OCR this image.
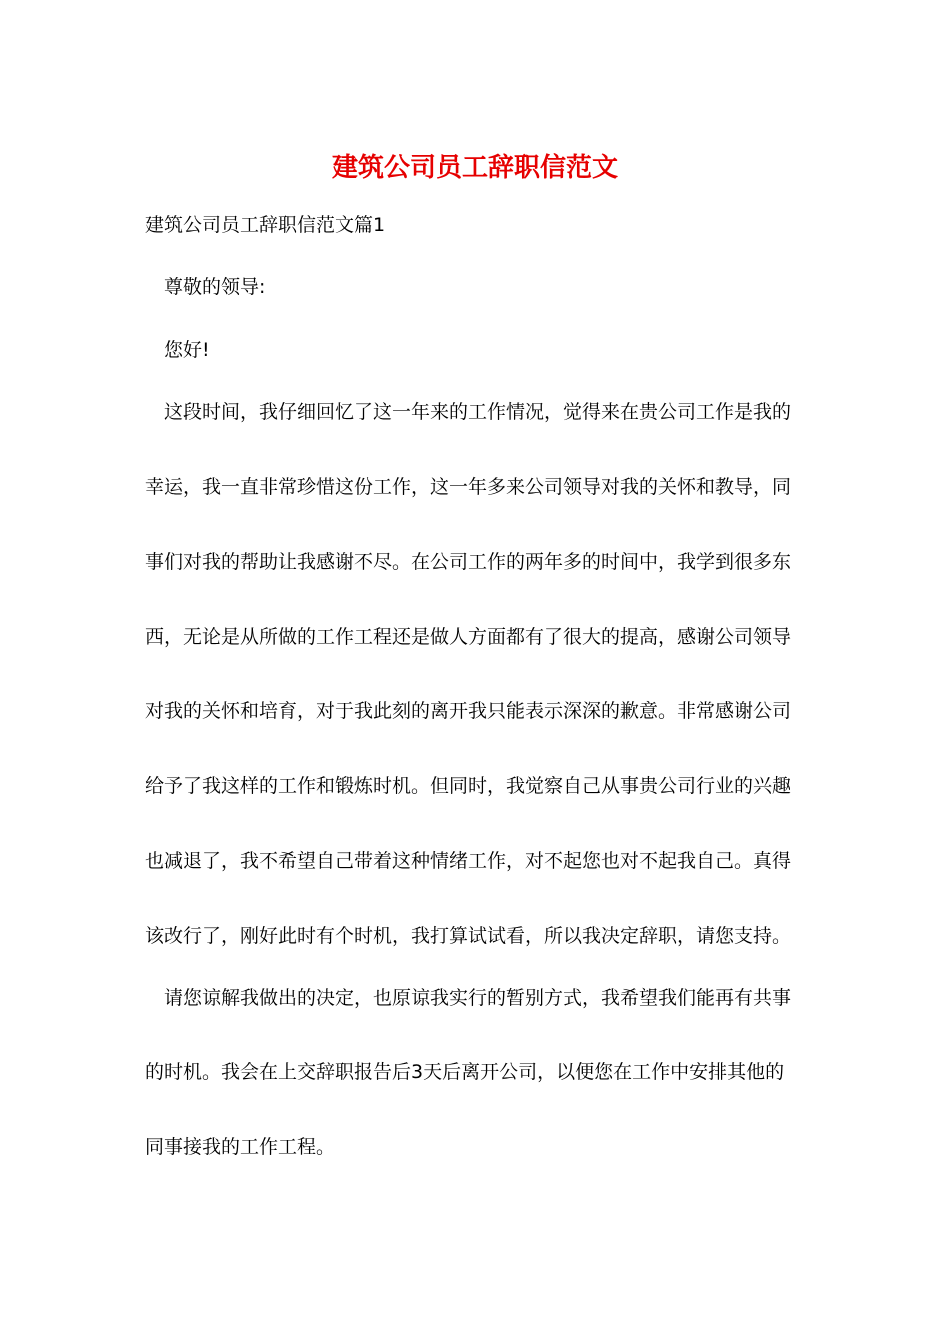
建筑公司员工辞职信范文

建筑公司员工辞职信范文篇1

尊敬的领导:

您好!

这段时间，我仔细回忆了这一年来的工作情况，觉得来在贵公司工作是我的

幸运，我一直非常珍惜这份工作，这一年多来公司领导对我的关怀和教导，同

事们对我的帮助让我感谢不尽。在公司工作的两年多的时间中，我学到很多东

西，无论是从所做的工作工程还是做人方面都有了很大的提高，感谢公司领导

对我的关怀和培育，对于我此刻的离开我只能表示深深的歉意。非常感谢公司

给予了我这样的工作和锻炼时机。但同时，我觉察自己从事贵公司行业的兴趣

也减退了，我不希望自己带着这种情绪工作，对不起您也对不起我自己。真得

该改行了，刚好此时有个时机，我打算试试看，所以我决定辞职，请您支持。

请您谅解我做出的决定，也原谅我实行的暂别方式，我希望我们能再有共事

的时机。我会在上交辞职报告后3天后离开公司，以便您在工作中安排其他的

同事接我的工作工程。
